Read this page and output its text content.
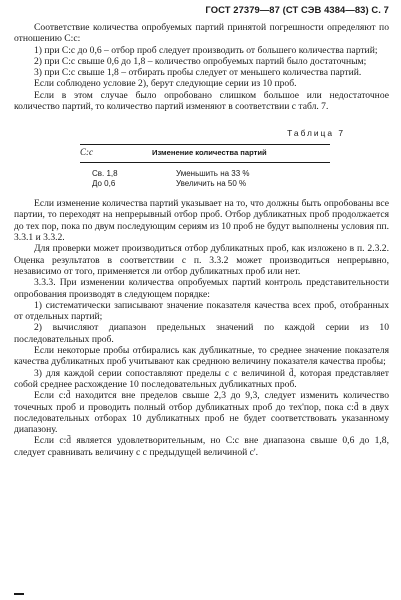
ГОСТ 27379—87 (СТ СЭВ 4384—83) С. 7

Соответствие количества опробуемых партий принятой погрешности определяют по отношению C:c:

1) при C:c до 0,6 – отбор проб следует производить от большего количества партий;

2) при C:c свыше 0,6 до 1,8 – количество опробуемых партий было достаточным;

3) при C:c свыше 1,8 – отбирать пробы следует от меньшего количества партий.

Если соблюдено условие 2), берут следующие серии из 10 проб.

Если в этом случае было опробовано слишком большое или недостаточное количество партий, то количество партий изменяют в соответствии с табл. 7.

Таблица 7
C:c	Изменение количества партий
Св. 1,8	Уменьшить на 33 %
До 0,6	Увеличить на 50 %

Если изменение количества партий указывает на то, что должны быть опробованы все партии, то переходят на непрерывный отбор проб. Отбор дубликатных проб продолжается до тех пор, пока по двум последующим сериям из 10 проб не будут выполнены условия пп. 3.3.1 и 3.3.2.

Для проверки может производиться отбор дубликатных проб, как изложено в п. 2.3.2. Оценка результатов в соответствии с п. 3.3.2 может производиться непрерывно, независимо от того, применяется ли отбор дубликатных проб или нет.

3.3.3. При изменении количества опробуемых партий контроль представительности опробования производят в следующем порядке:

1) систематически записывают значение показателя качества всех проб, отобранных от отдельных партий;

2) вычисляют диапазон предельных значений по каждой серии из 10 последовательных проб.

Если некоторые пробы отбирались как дубликатные, то среднее значение показателя качества дубликатных проб учитывают как среднюю величину показателя качества пробы;

3) для каждой серии сопоставляют пределы c с величиной d̄, которая представляет собой среднее расхождение 10 последовательных дубликатных проб.

Если c:d̄ находится вне пределов свыше 2,3 до 9,3, следует изменить количество точечных проб и проводить полный отбор дубликатных проб до тех'пор, пока c:d̄ в двух последовательных отборах 10 дубликатных проб не будет соответствовать указанному диапазону.

Если c:d̄ является удовлетворительным, но C:c вне диапазона свыше 0,6 до 1,8, следует сравнивать величину c с предыдущей величиной c'.
